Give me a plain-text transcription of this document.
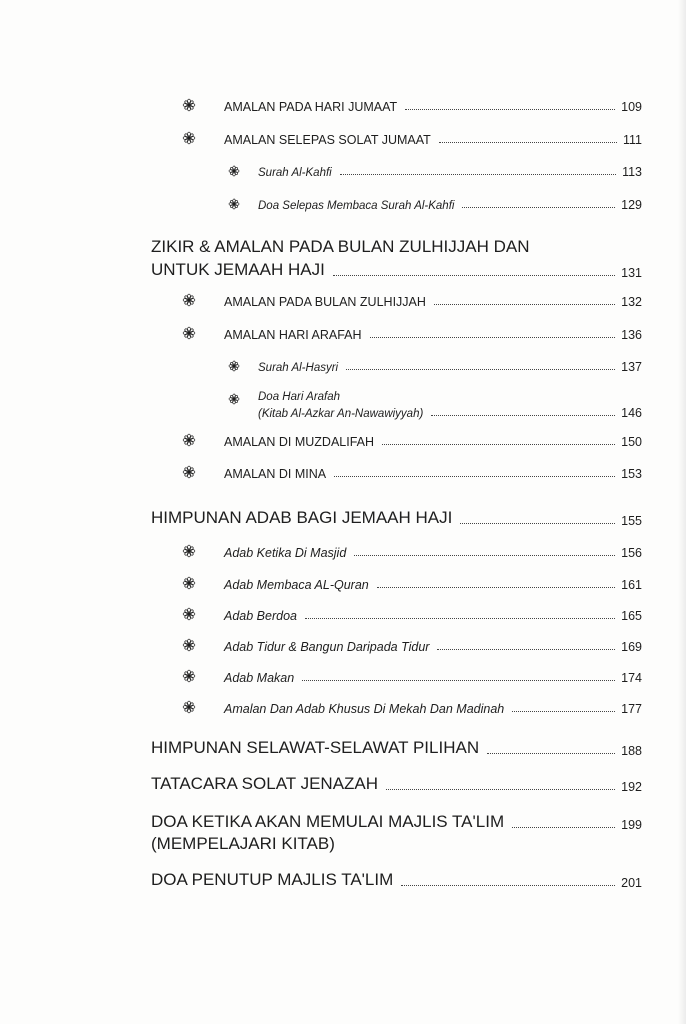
AMALAN PADA HARI JUMAAT	109
AMALAN SELEPAS SOLAT JUMAAT	111
Surah Al-Kahfi	113
Doa Selepas Membaca Surah Al-Kahfi	129
ZIKIR & AMALAN PADA BULAN ZULHIJJAH DAN
UNTUK JEMAAH HAJI	131
AMALAN PADA BULAN ZULHIJJAH	132
AMALAN HARI ARAFAH	136
Surah Al-Hasyri	137
Doa Hari Arafah
(Kitab Al-Azkar An-Nawawiyyah)	146
AMALAN DI MUZDALIFAH	150
AMALAN DI MINA	153
HIMPUNAN ADAB BAGI JEMAAH HAJI	155
Adab Ketika Di Masjid	156
Adab Membaca AL-Quran	161
Adab Berdoa	165
Adab Tidur & Bangun Daripada Tidur	169
Adab Makan	174
Amalan Dan Adab Khusus Di Mekah Dan Madinah	177
HIMPUNAN SELAWAT-SELAWAT PILIHAN	188
TATACARA SOLAT JENAZAH	192
DOA KETIKA AKAN MEMULAI MAJLIS TA'LIM	199
(MEMPELAJARI KITAB)
DOA PENUTUP MAJLIS TA'LIM	201
